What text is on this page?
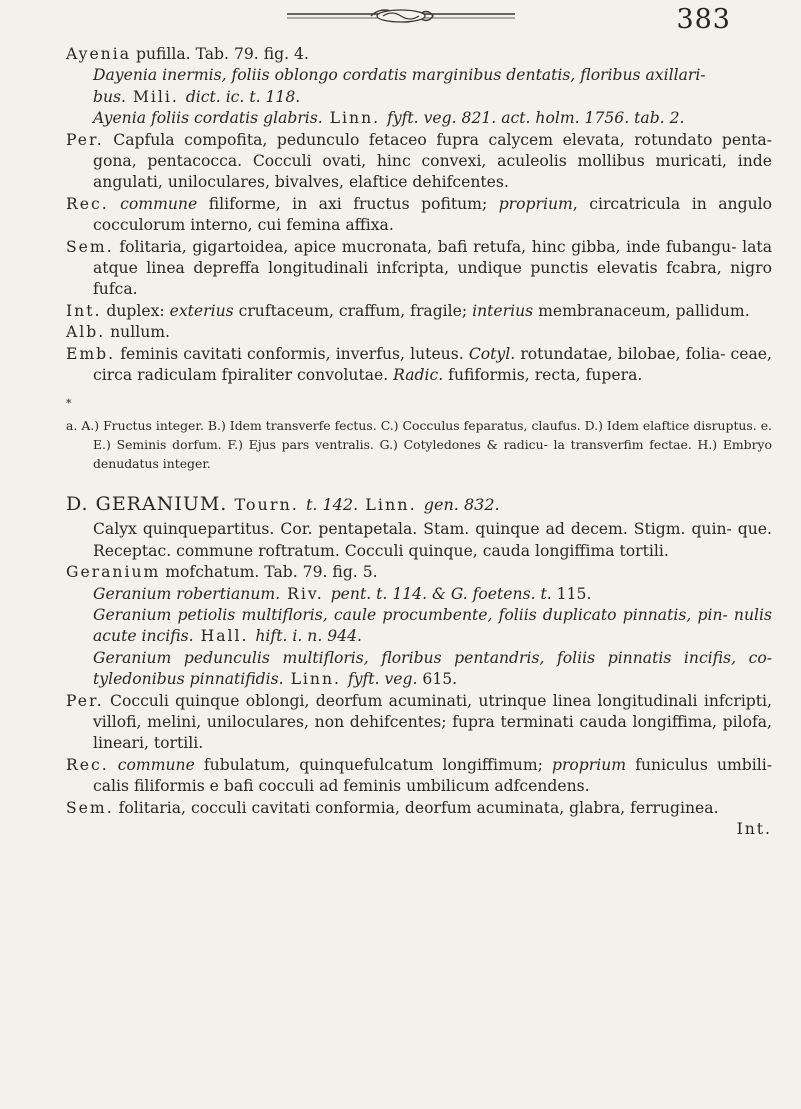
383

Ayenia pufilla. Tab. 79. fig. 4.

Dayenia inermis, foliis oblongo cordatis marginibus dentatis, floribus axillari-
bus. Mili. dict. ic. t. 118.

Ayenia foliis cordatis glabris. Linn. fyft. veg. 821. act. holm. 1756. tab. 2.

Per. Capfula compofita, pedunculo fetaceo fupra calycem elevata, rotundato penta- gona, pentacocca. Cocculi ovati, hinc convexi, aculeolis mollibus muricati, inde angulati, uniloculares, bivalves, elaftice dehifcentes.

Rec. commune filiforme, in axi fructus pofitum; proprium, circatricula in angulo cocculorum interno, cui femina affixa.

Sem. folitaria, gigartoidea, apice mucronata, bafi retufa, hinc gibba, inde fubangu- lata atque linea depreffa longitudinali infcripta, undique punctis elevatis fcabra, nigro fufca.

Int. duplex: exterius cruftaceum, craffum, fragile; interius membranaceum, pallidum.

Alb. nullum.

Emb. feminis cavitati conformis, inverfus, luteus. Cotyl. rotundatae, bilobae, folia- ceae, circa radiculam fpiraliter convolutae. Radic. fufiformis, recta, fupera.

*

a. A.) Fructus integer. B.) Idem transverfe fectus. C.) Cocculus feparatus, claufus. D.) Idem elaftice disruptus. e. E.) Seminis dorfum. F.) Ejus pars ventralis. G.) Cotyledones & radicu- la transverfim fectae. H.) Embryo denudatus integer.

D. GERANIUM. Tourn. t. 142. Linn. gen. 832.

Calyx quinquepartitus. Cor. pentapetala. Stam. quinque ad decem. Stigm. quin- que. Receptac. commune roftratum. Cocculi quinque, cauda longiffima tortili.

Geranium mofchatum. Tab. 79. fig. 5.

Geranium robertianum. Riv. pent. t. 114. & G. foetens. t. 115.

Geranium petiolis multifloris, caule procumbente, foliis duplicato pinnatis, pin- nulis acute incifis. Hall. hift. i. n. 944.

Geranium pedunculis multifloris, floribus pentandris, foliis pinnatis incifis, co- tyledonibus pinnatifidis. Linn. fyft. veg. 615.

Per. Cocculi quinque oblongi, deorfum acuminati, utrinque linea longitudinali infcripti, villofi, melini, uniloculares, non dehifcentes; fupra terminati cauda longiffima, pilofa, lineari, tortili.

Rec. commune fubulatum, quinquefulcatum longiffimum; proprium funiculus umbili- calis filiformis e bafi cocculi ad feminis umbilicum adfcendens.

Sem. folitaria, cocculi cavitati conformia, deorfum acuminata, glabra, ferruginea.

Int.
